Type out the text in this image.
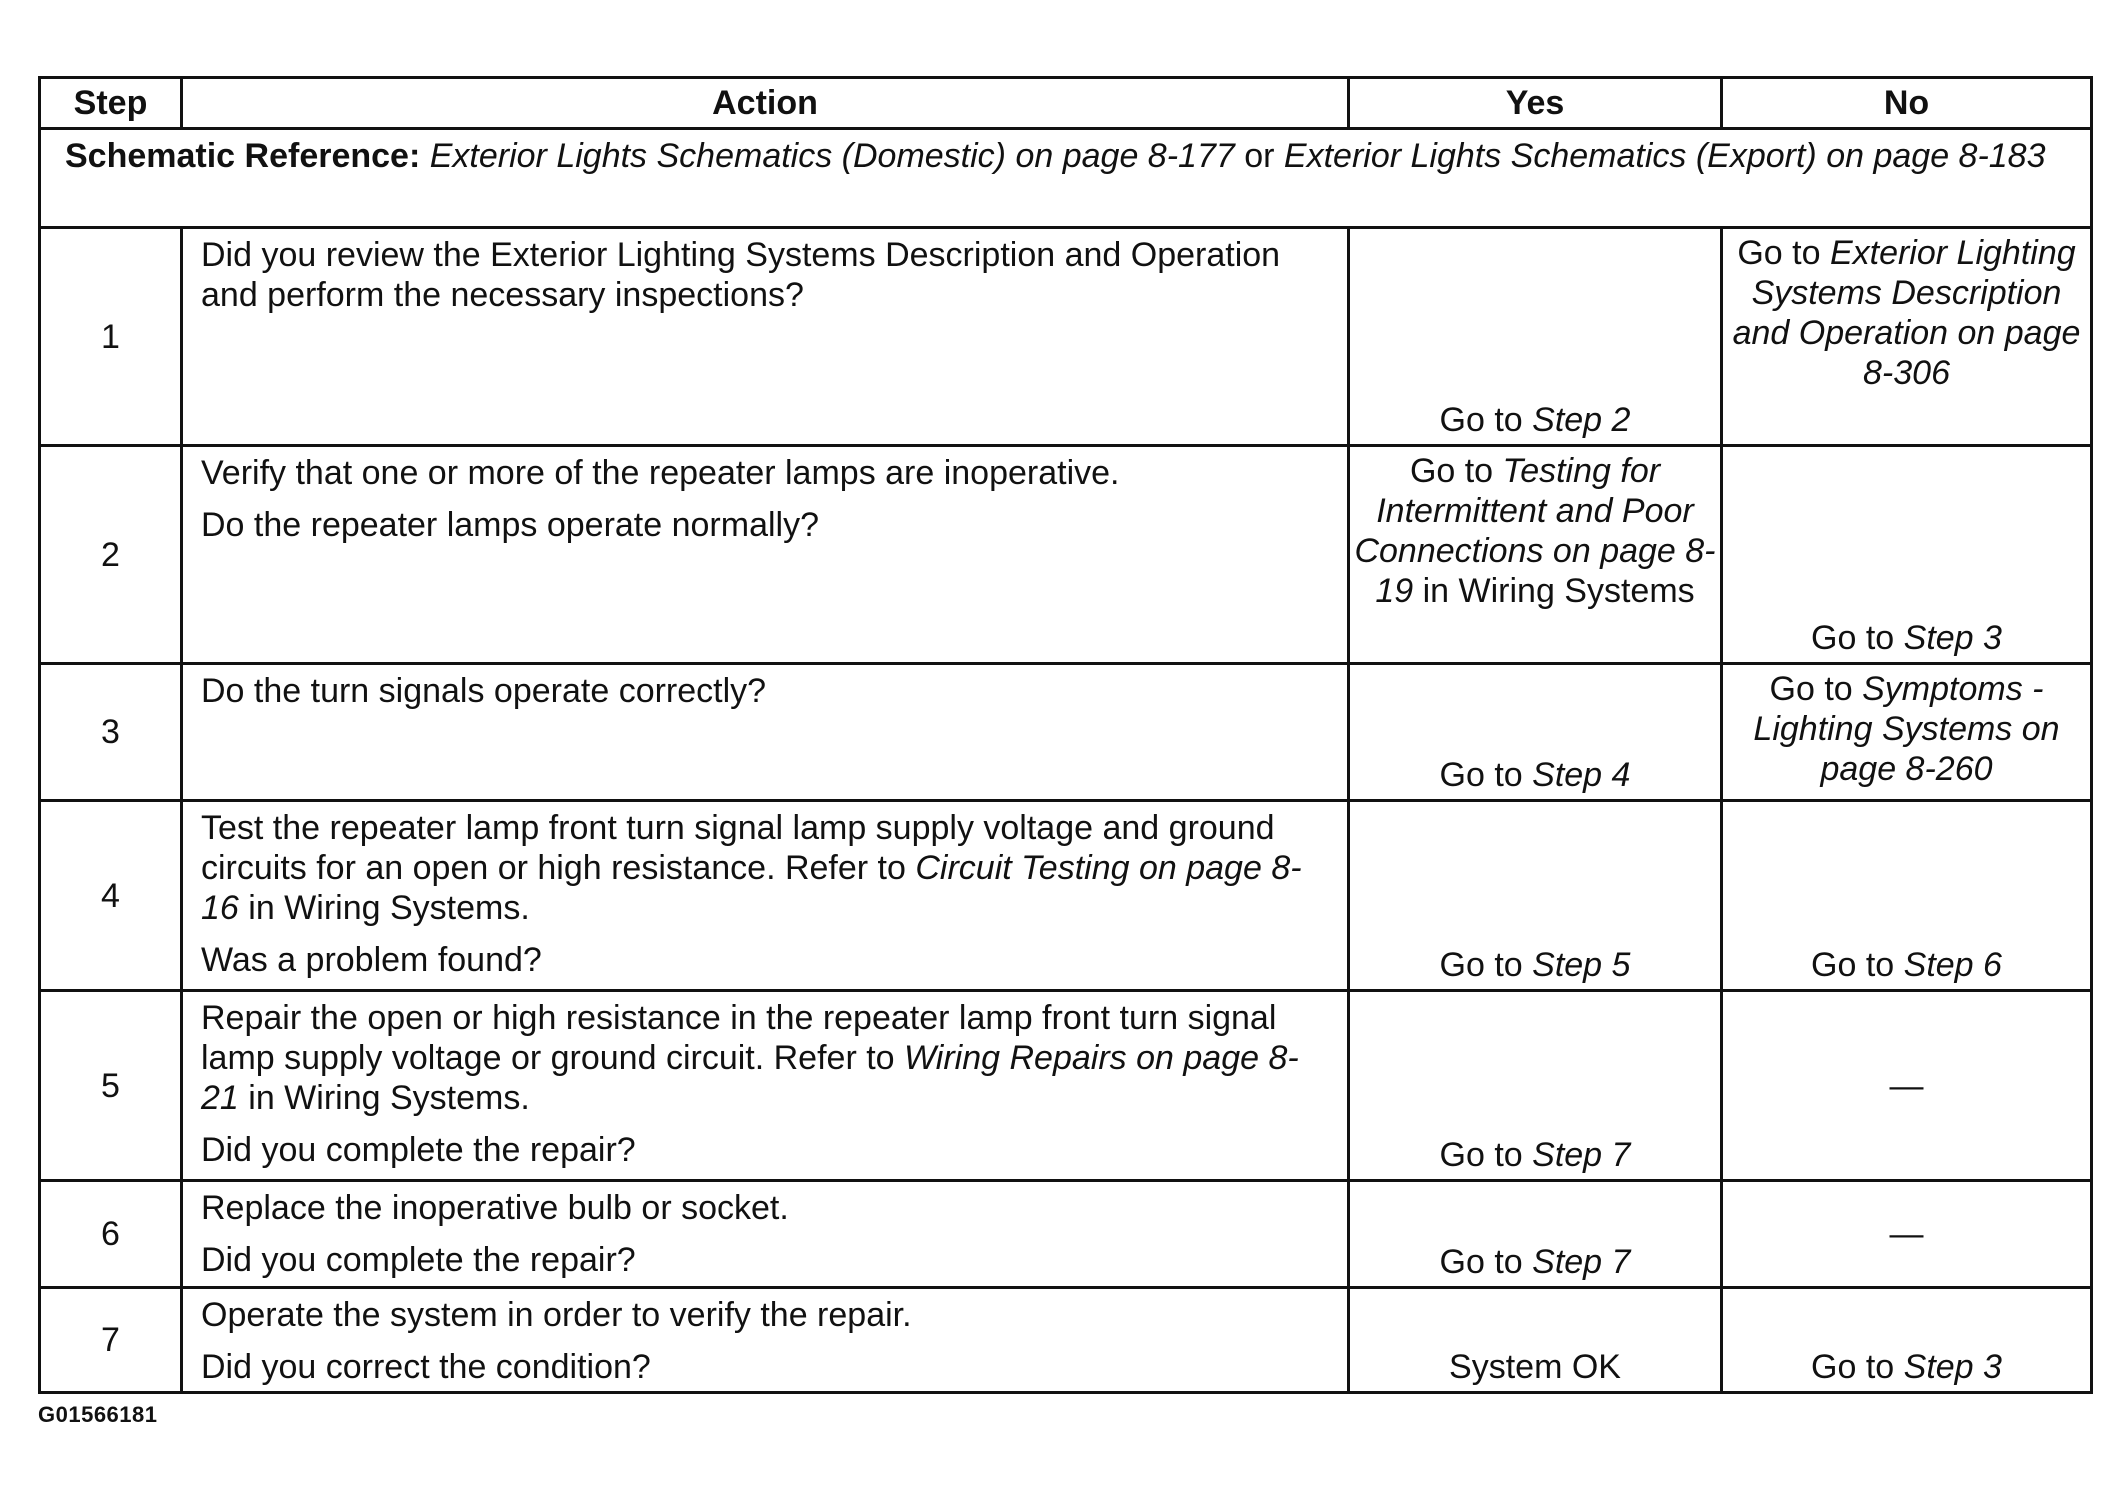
Step	Action	Yes	No
Schematic Reference: Exterior Lights Schematics (Domestic) on page 8-177 or Exterior Lights Schematics (Export) on page 8-183			
1	Did you review the Exterior Lighting Systems Description and Operation and perform the necessary inspections?	Go to Step 2	Go to Exterior Lighting Systems Description and Operation on page 8-306
2	Verify that one or more of the repeater lamps are inoperative.

Do the repeater lamps operate normally?	Go to Testing for Intermittent and Poor Connections on page 8-19 in Wiring Systems	Go to Step 3
3	Do the turn signals operate correctly?	Go to Step 4	Go to Symptoms - Lighting Systems on page 8-260
4	Test the repeater lamp front turn signal lamp supply voltage and ground circuits for an open or high resistance. Refer to Circuit Testing on page 8-16 in Wiring Systems.

Was a problem found?	Go to Step 5	Go to Step 6
5	Repair the open or high resistance in the repeater lamp front turn signal lamp supply voltage or ground circuit. Refer to Wiring Repairs on page 8-21 in Wiring Systems.

Did you complete the repair?	Go to Step 7	—
6	Replace the inoperative bulb or socket.

Did you complete the repair?	Go to Step 7	—
7	Operate the system in order to verify the repair.

Did you correct the condition?	System OK	Go to Step 3
G01566181
